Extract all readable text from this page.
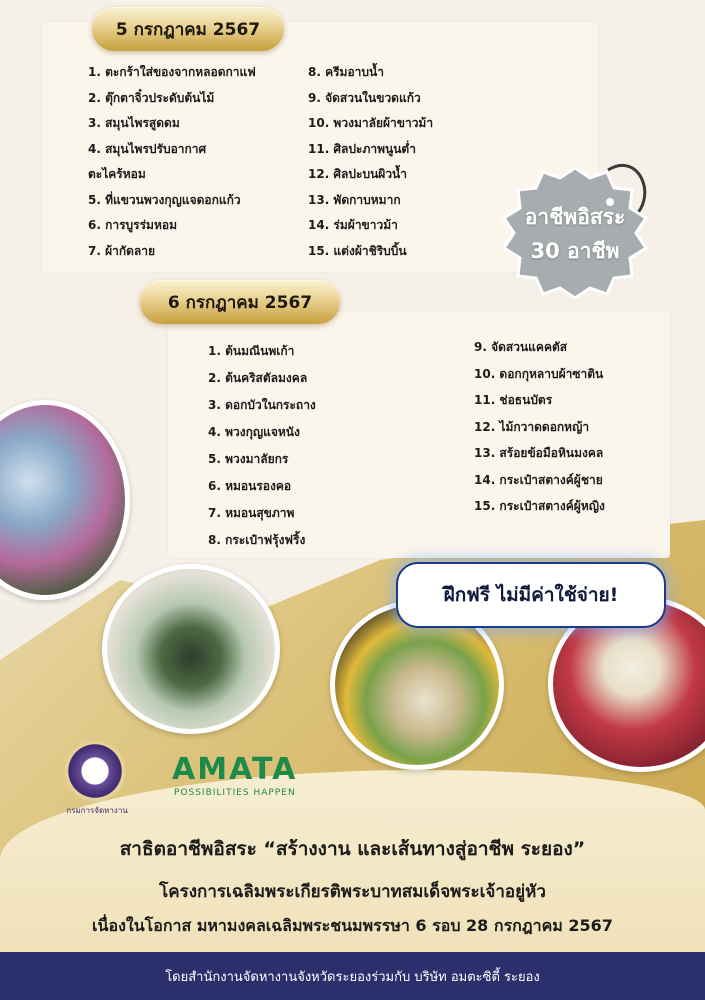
5 กรกฎาคม 2567
1. ตะกร้าใส่ของจากหลอดกาแฟ
2. ตุ๊กตาจิ๋วประดับต้นไม้
3. สมุนไพรสูดดม
4. สมุนไพรปรับอากาศ
ตะไคร้หอม
5. ที่แขวนพวงกุญแจดอกแก้ว
6. การบูรร่มหอม
7. ผ้ากัดลาย
8. ครีมอาบน้ำ
9. จัดสวนในขวดแก้ว
10. พวงมาลัยผ้าขาวม้า
11. ศิลปะภาพนูนต่ำ
12. ศิลปะบนผิวน้ำ
13. พัดกาบหมาก
14. ร่มผ้าขาวม้า
15. แต่งผ้าชิริบบิ้น
อาชีพอิสระ
30 อาชีพ
6 กรกฎาคม 2567
1. ต้นมณีนพเก้า
2. ต้นคริสตัลมงคล
3. ดอกบัวในกระถาง
4. พวงกุญแจหนัง
5. พวงมาลัยกร
6. หมอนรองคอ
7. หมอนสุขภาพ
8. กระเป๋าฟรุ้งฟริ้ง
9. จัดสวนแคคตัส
10. ดอกกุหลาบผ้าซาติน
11. ช่อธนบัตร
12. ไม้กวาดดอกหญ้า
13. สร้อยข้อมือหินมงคล
14. กระเป๋าสตางค์ผู้ชาย
15. กระเป๋าสตางค์ผู้หญิง
ฝึกฟรี ไม่มีค่าใช้จ่าย!
กรมการจัดหางาน
AMATA
POSSIBILITIES HAPPEN
สาธิตอาชีพอิสระ “สร้างงาน และเส้นทางสู่อาชีพ ระยอง”
โครงการเฉลิมพระเกียรติพระบาทสมเด็จพระเจ้าอยู่หัว
เนื่องในโอกาส มหามงคลเฉลิมพระชนมพรรษา 6 รอบ 28 กรกฎาคม 2567
โดยสำนักงานจัดหางานจังหวัดระยองร่วมกับ บริษัท อมตะซิตี้ ระยอง
